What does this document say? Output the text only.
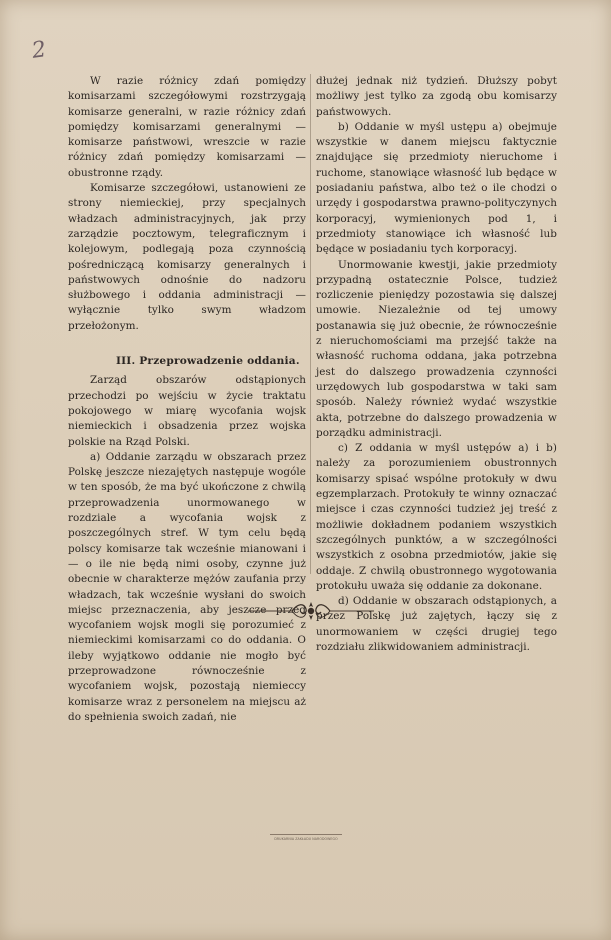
2

W razie różnicy zdań pomiędzy komisarzami szczegółowymi rozstrzygają komisarze generalni, w razie różnicy zdań pomiędzy komisarzami generalnymi — komisarze państwowi, wreszcie w razie różnicy zdań pomiędzy komisarzami — obustronne rządy.

Komisarze szczegółowi, ustanowieni ze strony niemieckiej, przy specjalnych władzach administracyjnych, jak przy zarządzie pocztowym, telegraficznym i kolejowym, podlegają poza czynnością pośredniczącą komisarzy generalnych i państwowych odnośnie do nadzoru służbowego i oddania administracji — wyłącznie tylko swym władzom przełożonym.

III. Przeprowadzenie oddania.

Zarząd obszarów odstąpionych przechodzi po wejściu w życie traktatu pokojowego w miarę wycofania wojsk niemieckich i obsadzenia przez wojska polskie na Rząd Polski.

a) Oddanie zarządu w obszarach przez Polskę jeszcze niezajętych następuje wogóle w ten sposób, że ma być ukończone z chwilą przeprowadzenia unormowanego w rozdziale a wycofania wojsk z poszczególnych stref. W tym celu będą polscy komisarze tak wcześnie mianowani i — o ile nie będą nimi osoby, czynne już obecnie w charakterze mężów zaufania przy władzach, tak wcześnie wysłani do swoich miejsc przeznaczenia, aby jeszcze przed wycofaniem wojsk mogli się porozumieć z niemieckimi komisarzami co do oddania. O ileby wyjątkowo oddanie nie mogło być przeprowadzone równocześnie z wycofaniem wojsk, pozostają niemieccy komisarze wraz z personelem na miejscu aż do spełnienia swoich zadań, nie

dłużej jednak niż tydzień. Dłuższy pobyt możliwy jest tylko za zgodą obu komisarzy państwowych.

b) Oddanie w myśl ustępu a) obejmuje wszystkie w danem miejscu faktycznie znajdujące się przedmioty nieruchome i ruchome, stanowiące własność lub będące w posiadaniu państwa, albo też o ile chodzi o urzędy i gospodarstwa prawno-polityczynych korporacyj, wymienionych pod 1, i przedmioty stanowiące ich własność lub będące w posiadaniu tych korporacyj.

Unormowanie kwestji, jakie przedmioty przypadną ostatecznie Polsce, tudzież rozliczenie pieniędzy pozostawia się dalszej umowie. Niezależnie od tej umowy postanawia się już obecnie, że równocześnie z nieruchomościami ma przejść także na własność ruchoma oddana, jaka potrzebna jest do dalszego prowadzenia czynności urzędowych lub gospodarstwa w taki sam sposób. Należy również wydać wszystkie akta, potrzebne do dalszego prowadzenia w porządku administracji.

c) Z oddania w myśl ustępów a) i b) należy za porozumieniem obustronnych komisarzy spisać wspólne protokuły w dwu egzemplarzach. Protokuły te winny oznaczać miejsce i czas czynności tudzież jej treść z możliwie dokładnem podaniem wszystkich szczególnych punktów, a w szczególności wszystkich z osobna przedmiotów, jakie się oddaje. Z chwilą obustronnego wygotowania protokułu uważa się oddanie za dokonane.

d) Oddanie w obszarach odstąpionych, a przez Polskę już zajętych, łączy się z unormowaniem w części drugiej tego rozdziału zlikwidowaniem administracji.

DRUKARNIA ZAKŁADU NARODOWEGO
